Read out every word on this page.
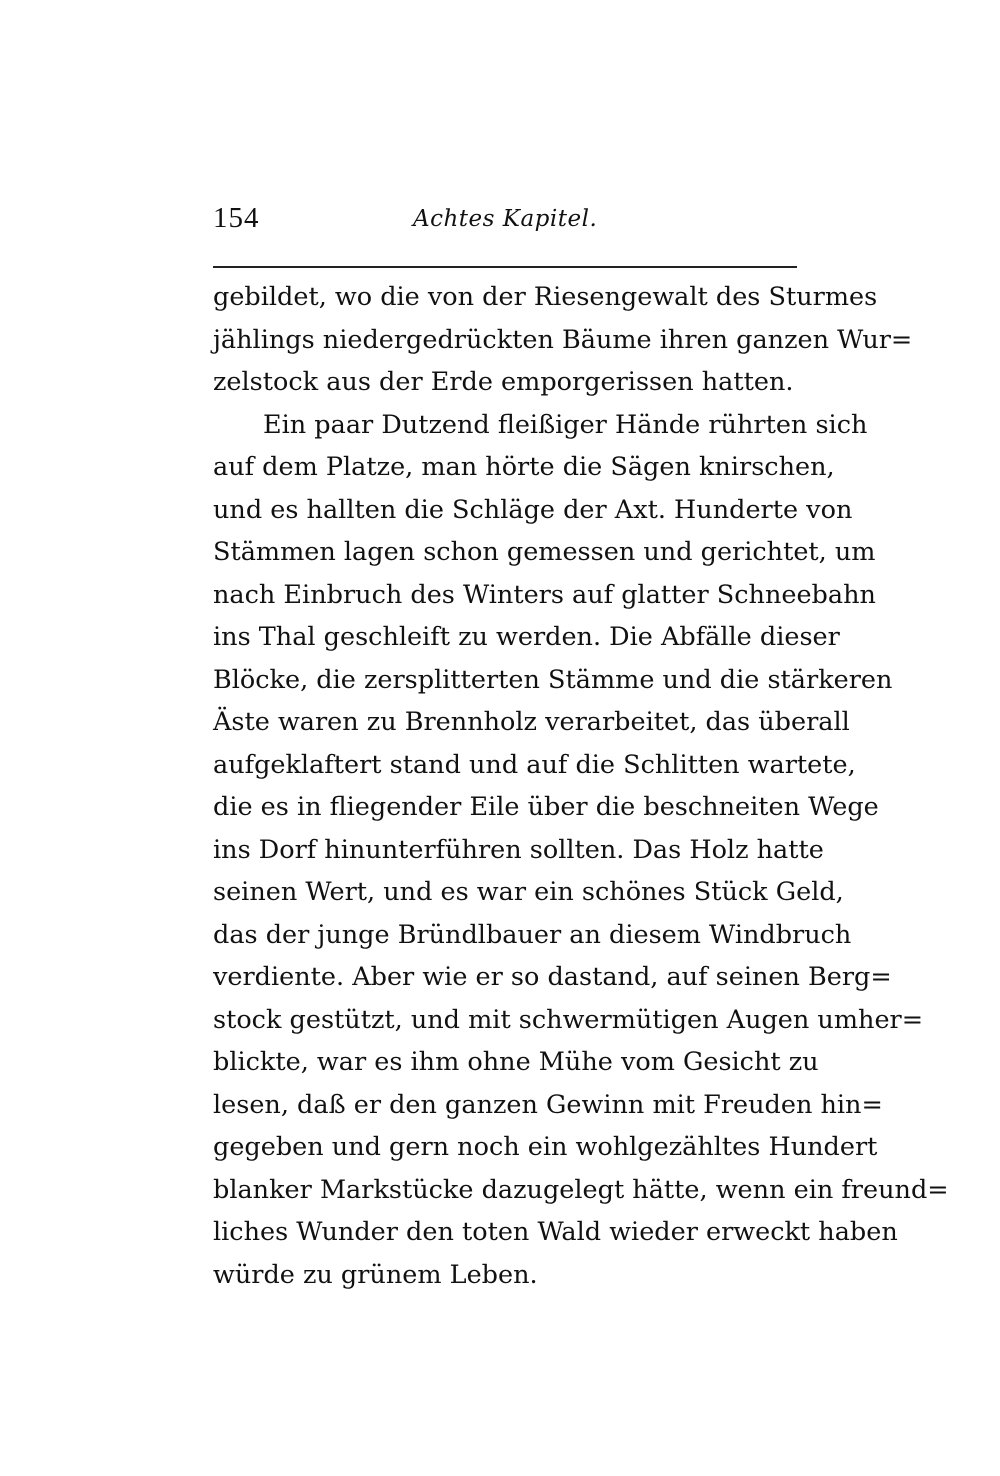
154	Achtes Kapitel.
gebildet, wo die von der Riesengewalt des Sturmes
jählings niedergedrückten Bäume ihren ganzen Wur=
zelstock aus der Erde emporgerissen hatten.
Ein paar Dutzend fleißiger Hände rührten sich
auf dem Platze, man hörte die Sägen knirschen,
und es hallten die Schläge der Axt. Hunderte von
Stämmen lagen schon gemessen und gerichtet, um
nach Einbruch des Winters auf glatter Schneebahn
ins Thal geschleift zu werden. Die Abfälle dieser
Blöcke, die zersplitterten Stämme und die stärkeren
Äste waren zu Brennholz verarbeitet, das überall
aufgeklaftert stand und auf die Schlitten wartete,
die es in fliegender Eile über die beschneiten Wege
ins Dorf hinunterführen sollten. Das Holz hatte
seinen Wert, und es war ein schönes Stück Geld,
das der junge Bründlbauer an diesem Windbruch
verdiente. Aber wie er so dastand, auf seinen Berg=
stock gestützt, und mit schwermütigen Augen umher=
blickte, war es ihm ohne Mühe vom Gesicht zu
lesen, daß er den ganzen Gewinn mit Freuden hin=
gegeben und gern noch ein wohlgezähltes Hundert
blanker Markstücke dazugelegt hätte, wenn ein freund=
liches Wunder den toten Wald wieder erweckt haben
würde zu grünem Leben.
